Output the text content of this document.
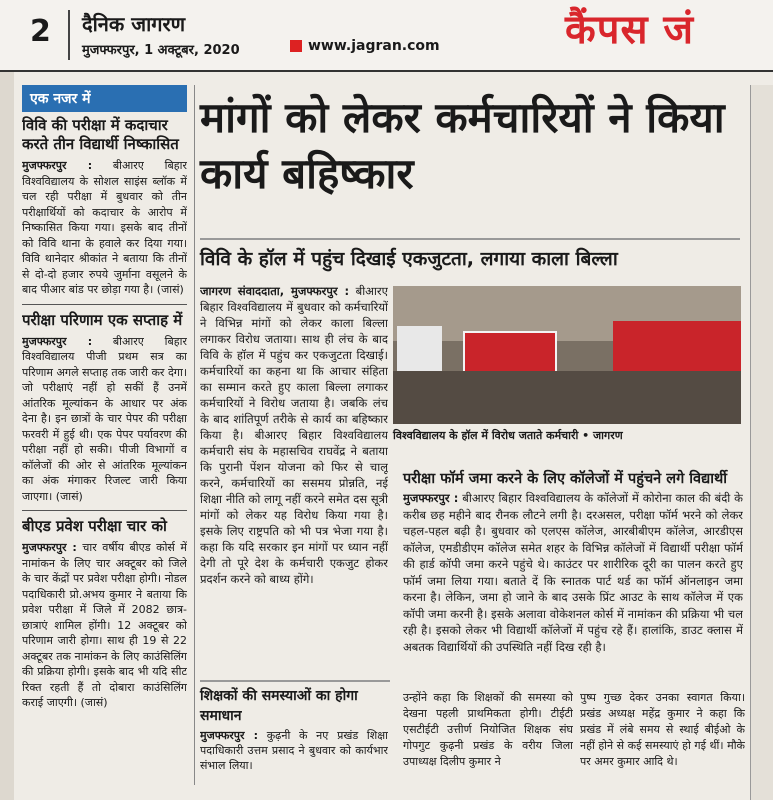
2 दैनिक जागरण
मुजफ्फरपुर, 1 अक्टूबर, 2020	www.jagran.com	कैंपस जं
एक नजर में
विवि की परीक्षा में कदाचार करते तीन विद्यार्थी निष्कासित
मुजफ्फरपुर : बीआरए बिहार विश्वविद्यालय के सोशल साइंस ब्लॉक में चल रही परीक्षा में बुधवार को तीन परीक्षार्थियों को कदाचार के आरोप में निष्कासित किया गया। इसके बाद तीनों को विवि थाना के हवाले कर दिया गया। विवि थानेदार श्रीकांत ने बताया कि तीनों से दो-दो हजार रुपये जुर्माना वसूलने के बाद पीआर बांड पर छोड़ा गया है। (जासं)
परीक्षा परिणाम एक सप्ताह में
मुजफ्फरपुर : बीआरए बिहार विश्वविद्यालय पीजी प्रथम सत्र का परिणाम अगले सप्ताह तक जारी कर देगा। जो परीक्षाएं नहीं हो सकीं हैं उनमें आंतरिक मूल्यांकन के आधार पर अंक देना है। इन छात्रों के चार पेपर की परीक्षा फरवरी में हुई थी। एक पेपर पर्यावरण की परीक्षा नहीं हो सकी। पीजी विभागों व कॉलेजों की ओर से आंतरिक मूल्यांकन का अंक मंगाकर रिजल्ट जारी किया जाएगा। (जासं)
बीएड प्रवेश परीक्षा चार को
मुजफ्फरपुर : चार वर्षीय बीएड कोर्स में नामांकन के लिए चार अक्टूबर को जिले के चार केंद्रों पर प्रवेश परीक्षा होगी। नोडल पदाधिकारी प्रो.अभय कुमार ने बताया कि प्रवेश परीक्षा में जिले में 2082 छात्र-छात्राएं शामिल होंगी। 12 अक्टूबर को परिणाम जारी होगा। साथ ही 19 से 22 अक्टूबर तक नामांकन के लिए काउंसिलिंग की प्रक्रिया होगी। इसके बाद भी यदि सीट रिक्त रहती हैं तो दोबारा काउंसिलिंग कराई जाएगी। (जासं)
मांगों को लेकर कर्मचारियों ने किया कार्य बहिष्कार
विवि के हॉल में पहुंच दिखाई एकजुटता, लगाया काला बिल्ला
जागरण संवाददाता, मुजफ्फरपुर : बीआरए बिहार विश्वविद्यालय में बुधवार को कर्मचारियों ने विभिन्न मांगों को लेकर काला बिल्ला लगाकर विरोध जताया। साथ ही लंच के बाद विवि के हॉल में पहुंच कर एकजुटता दिखाई। कर्मचारियों का कहना था कि आचार संहिता का सम्मान करते हुए काला बिल्ला लगाकर कर्मचारियों ने विरोध जताया है। जबकि लंच के बाद शांतिपूर्ण तरीके से कार्य का बहिष्कार किया है। बीआरए बिहार विश्वविद्यालय कर्मचारी संघ के महासचिव राघवेंद्र ने बताया कि पुरानी पेंशन योजना को फिर से चालू करने, कर्मचारियों का ससमय प्रोन्नति, नई शिक्षा नीति को लागू नहीं करने समेत दस सूत्री मांगों को लेकर यह विरोध किया गया है। इसके लिए राष्ट्रपति को भी पत्र भेजा गया है। कहा कि यदि सरकार इन मांगों पर ध्यान नहीं देगी तो पूरे देश के कर्मचारी एकजुट होकर प्रदर्शन करने को बाध्य होंगे।
विश्वविद्यालय के हॉल में विरोध जताते कर्मचारी • जागरण
परीक्षा फॉर्म जमा करने के लिए कॉलेजों में पहुंचने लगे विद्यार्थी
मुजफ्फरपुर : बीआरए बिहार विश्वविद्यालय के कॉलेजों में कोरोना काल की बंदी के करीब छह महीने बाद रौनक लौटने लगी है। दरअसल, परीक्षा फॉर्म भरने को लेकर चहल-पहल बढ़ी है। बुधवार को एलएस कॉलेज, आरबीबीएम कॉलेज, आरडीएस कॉलेज, एमडीडीएम कॉलेज समेत शहर के विभिन्न कॉलेजों में विद्यार्थी परीक्षा फॉर्म की हार्ड कॉपी जमा करने पहुंचे थे। काउंटर पर शारीरिक दूरी का पालन करते हुए फॉर्म जमा लिया गया। बताते दें कि स्नातक पार्ट थर्ड का फॉर्म ऑनलाइन जमा करना है। लेकिन, जमा हो जाने के बाद उसके प्रिंट आउट के साथ कॉलेज में एक कॉपी जमा करनी है। इसके अलावा वोकेशनल कोर्स में नामांकन की प्रक्रिया भी चल रही है। इसको लेकर भी विद्यार्थी कॉलेजों में पहुंच रहे हैं। हालांकि, डाउट क्लास में अबतक विद्यार्थियों की उपस्थिति नहीं दिख रही है।
शिक्षकों की समस्याओं का होगा समाधान
मुजफ्फरपुर : कुढ़नी के नए प्रखंड शिक्षा पदाधिकारी उत्तम प्रसाद ने बुधवार को कार्यभार संभाल लिया।
उन्होंने कहा कि शिक्षकों की समस्या को देखना पहली प्राथमिकता होगी। टीईटी एसटीईटी उत्तीर्ण नियोजित शिक्षक संघ गोपगुट कुढ़नी प्रखंड के वरीय जिला उपाध्यक्ष दिलीप कुमार ने
पुष्प गुच्छ देकर उनका स्वागत किया। प्रखंड अध्यक्ष महेंद्र कुमार ने कहा कि प्रखंड में लंबे समय से स्थाई बीईओ के नहीं होने से कई समस्याएं हो गई थीं। मौके पर अमर कुमार आदि थे।
